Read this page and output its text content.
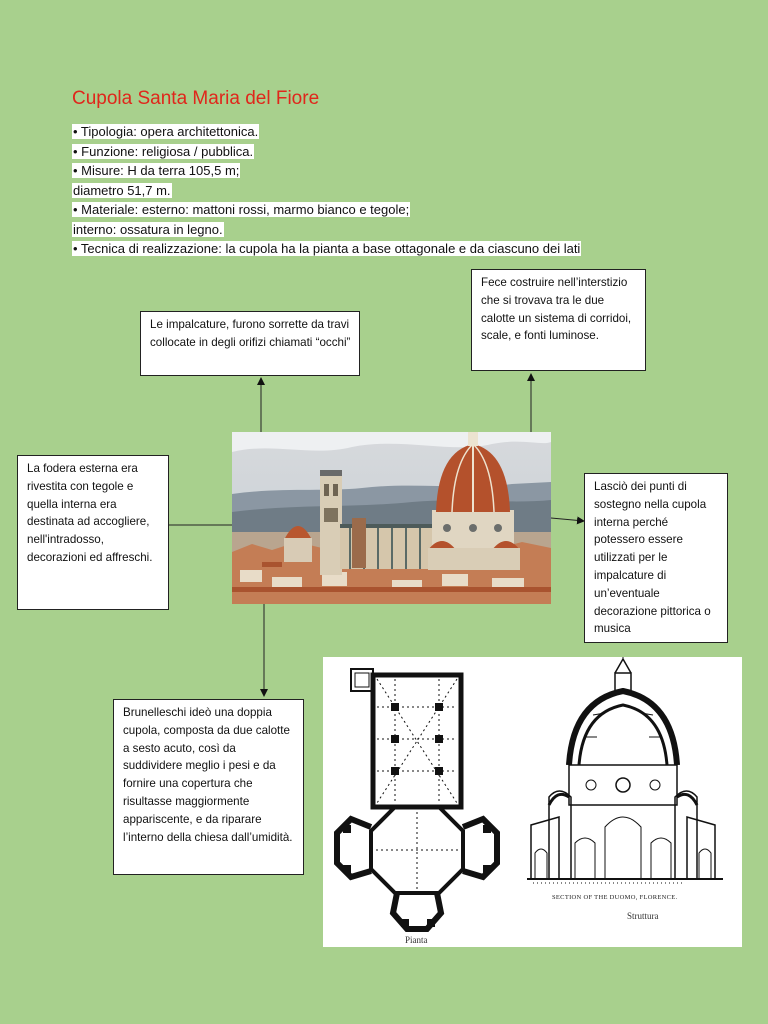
Cupola Santa Maria del Fiore
• Tipologia: opera architettonica.
• Funzione: religiosa / pubblica.
• Misure: H da terra 105,5 m;
diametro 51,7 m.
• Materiale: esterno: mattoni rossi, marmo bianco e tegole;
interno: ossatura in legno.
• Tecnica di realizzazione: la cupola ha la pianta a base ottagonale e da ciascuno dei lati
Le impalcature, furono sorrette da travi collocate in degli orifizi chiamati “occhi”
Fece costruire nell’interstizio che si trovava tra le due calotte un sistema di corridoi, scale, e fonti luminose.
La fodera esterna era rivestita con tegole e quella interna era destinata ad accogliere, nell'intradosso, decorazioni ed affreschi.
Lasciò dei punti di sostegno nella cupola interna perché potessero essere utilizzati per le impalcature di un’eventuale decorazione pittorica o musica
Brunelleschi ideò una doppia cupola, composta da due calotte a sesto acuto, così da suddividere meglio i pesi e da fornire una copertura che risultasse maggiormente appariscente, e da riparare l’interno della chiesa dall’umidità.
Pianta
SECTION OF THE DUOMO, FLORENCE.
Struttura
